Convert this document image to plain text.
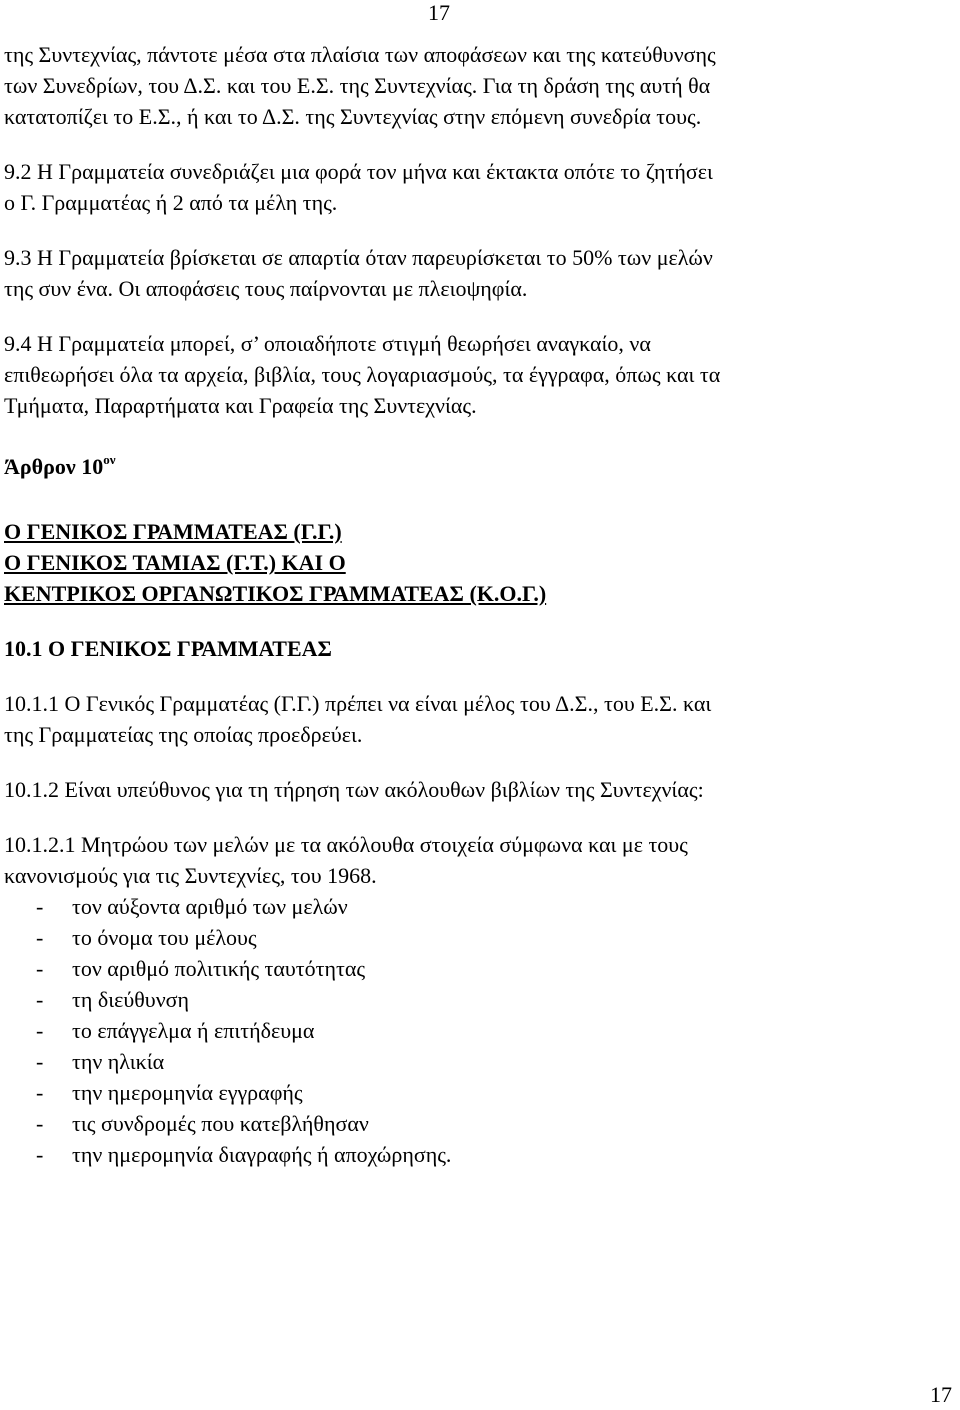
17

της Συντεχνίας, πάντοτε μέσα στα πλαίσια των αποφάσεων και της κατεύθυνσης
των Συνεδρίων, του Δ.Σ. και του Ε.Σ. της Συντεχνίας. Για τη δράση της αυτή θα
κατατοπίζει το Ε.Σ., ή και το Δ.Σ. της Συντεχνίας στην επόμενη συνεδρία τους.

9.2 Η Γραμματεία συνεδριάζει μια φορά τον μήνα και έκτακτα οπότε το ζητήσει
ο Γ. Γραμματέας ή 2 από τα μέλη της.

9.3 Η Γραμματεία βρίσκεται σε απαρτία όταν παρευρίσκεται το 50% των μελών
της συν ένα. Οι αποφάσεις τους παίρνονται με πλειοψηφία.

9.4 Η Γραμματεία μπορεί, σ’ οποιαδήποτε στιγμή θεωρήσει αναγκαίο, να
επιθεωρήσει όλα τα αρχεία, βιβλία, τους λογαριασμούς, τα έγγραφα, όπως και τα
Τμήματα, Παραρτήματα και Γραφεία της Συντεχνίας.

Άρθρον $10^{o\nu}$

Ο ΓΕΝΙΚΟΣ ΓΡΑΜΜΑΤΕΑΣ (Γ.Γ.)
Ο ΓΕΝΙΚΟΣ ΤΑΜΙΑΣ (Γ.Τ.) ΚΑΙ Ο
ΚΕΝΤΡΙΚΟΣ ΟΡΓΑΝΩΤΙΚΟΣ ΓΡΑΜΜΑΤΕΑΣ (Κ.Ο.Γ.)

10.1 Ο ΓΕΝΙΚΟΣ ΓΡΑΜΜΑΤΕΑΣ

10.1.1 Ο Γενικός Γραμματέας (Γ.Γ.) πρέπει να είναι μέλος του Δ.Σ., του Ε.Σ. και
της Γραμματείας της οποίας προεδρεύει.

10.1.2 Είναι υπεύθυνος για τη τήρηση των ακόλουθων βιβλίων της Συντεχνίας:

10.1.2.1 Μητρώου των μελών με τα ακόλουθα στοιχεία σύμφωνα και με τους
κανονισμούς για τις Συντεχνίες, του 1968.

-	τον αύξοντα αριθμό των μελών
-	το όνομα του μέλους
-	τον αριθμό πολιτικής ταυτότητας
-	τη διεύθυνση
-	το επάγγελμα ή επιτήδευμα
-	την ηλικία
-	την ημερομηνία εγγραφής
-	τις συνδρομές που κατεβλήθησαν
-	την ημερομηνία διαγραφής ή αποχώρησης.
17
